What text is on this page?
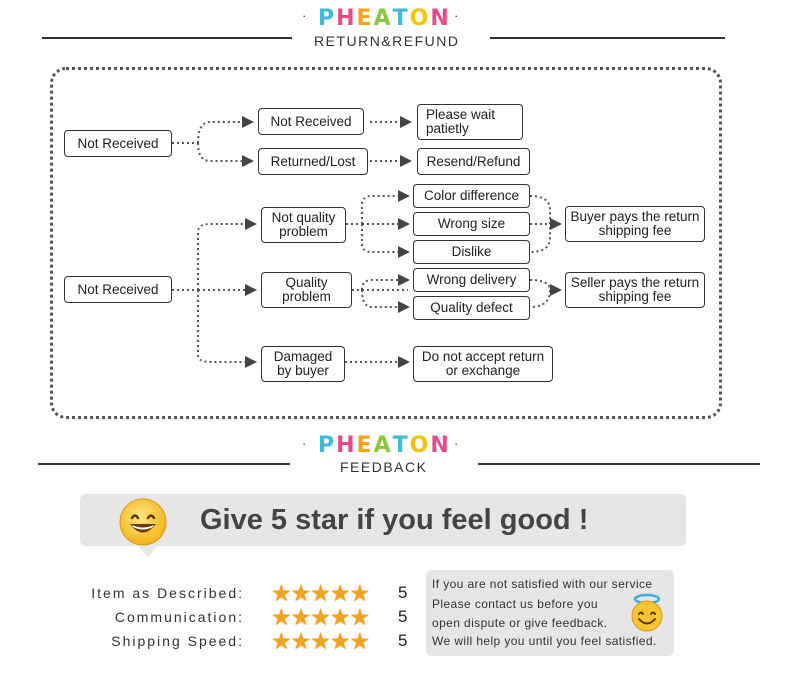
· PHEATON ·
RETURN&REFUND
Not Received
Not Received	Please wait patietly
Returned/Lost	Resend/Refund
Not Received
Not quality problem
Color difference
Wrong size
Dislike
Buyer pays the return shipping fee
Quality problem
Wrong delivery
Quality defect
Seller pays the return shipping fee
Damaged by buyer
Do not accept return or exchange
· PHEATON ·
FEEDBACK
Give 5 star if you feel good !
Item as Described: ★★★★★ 5
Communication: ★★★★★ 5
Shipping Speed: ★★★★★ 5
If you are not satisfied with our service
Please contact us before you
open dispute or give feedback.
We will help you until you feel satisfied.
